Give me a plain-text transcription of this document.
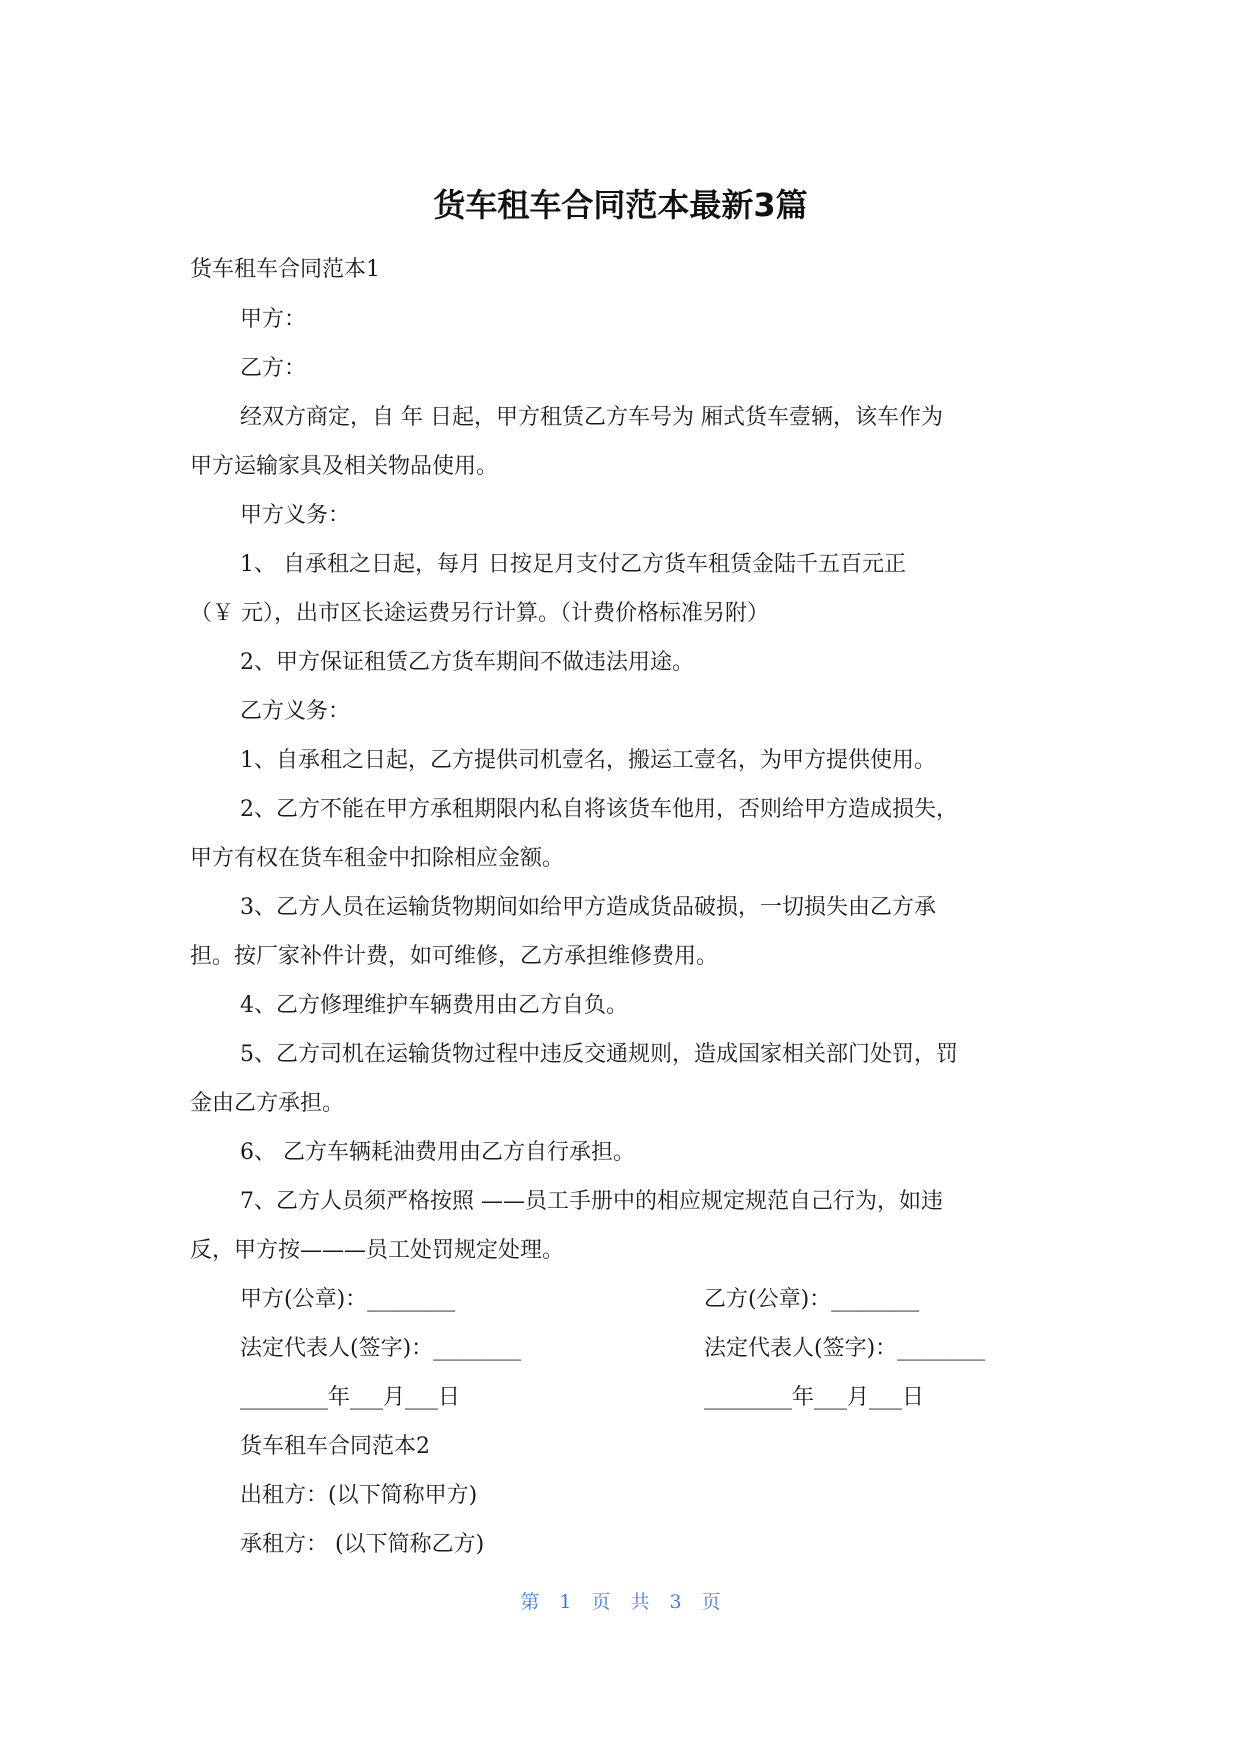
货车租车合同范本最新3篇
货车租车合同范本1
甲方：
乙方：
经双方商定，自 年 日起，甲方租赁乙方车号为 厢式货车壹辆，该车作为
甲方运输家具及相关物品使用。
甲方义务：
1、 自承租之日起，每月 日按足月支付乙方货车租赁金陆千五百元正
（￥ 元），出市区长途运费另行计算。（计费价格标准另附）
2、甲方保证租赁乙方货车期间不做违法用途。
乙方义务：
1、自承租之日起，乙方提供司机壹名，搬运工壹名，为甲方提供使用。
2、乙方不能在甲方承租期限内私自将该货车他用，否则给甲方造成损失，
甲方有权在货车租金中扣除相应金额。
3、乙方人员在运输货物期间如给甲方造成货品破损，一切损失由乙方承
担。按厂家补件计费，如可维修，乙方承担维修费用。
4、乙方修理维护车辆费用由乙方自负。
5、乙方司机在运输货物过程中违反交通规则，造成国家相关部门处罚，罚
金由乙方承担。
6、 乙方车辆耗油费用由乙方自行承担。
7、乙方人员须严格按照 ——员工手册中的相应规定规范自己行为，如违
反，甲方按———员工处罚规定处理。
甲方(公章)：________	乙方(公章)：________
法定代表人(签字)：________	法定代表人(签字)：________
________年___月___日	________年___月___日
货车租车合同范本2
出租方：(以下简称甲方)
承租方： (以下简称乙方)
第 1 页 共 3 页
